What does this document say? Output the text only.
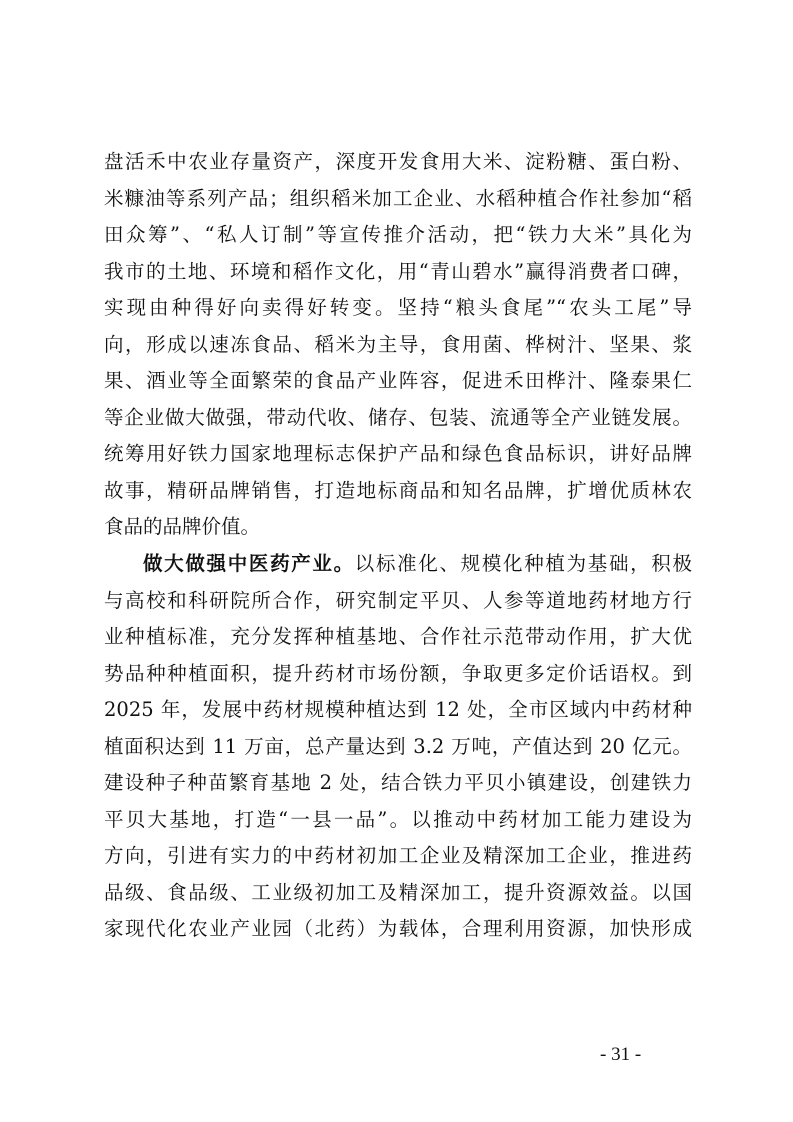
盘活禾中农业存量资产，深度开发食用大米、淀粉糖、蛋白粉、
米糠油等系列产品；组织稻米加工企业、水稻种植合作社参加“稻
田众筹”、“私人订制”等宣传推介活动，把“铁力大米”具化为
我市的土地、环境和稻作文化，用“青山碧水”赢得消费者口碑，
实现由种得好向卖得好转变。坚持“粮头食尾”“农头工尾”导
向，形成以速冻食品、稻米为主导，食用菌、桦树汁、坚果、浆
果、酒业等全面繁荣的食品产业阵容，促进禾田桦汁、隆泰果仁
等企业做大做强，带动代收、储存、包装、流通等全产业链发展。
统筹用好铁力国家地理标志保护产品和绿色食品标识，讲好品牌
故事，精研品牌销售，打造地标商品和知名品牌，扩增优质林农
食品的品牌价值。
做大做强中医药产业。以标准化、规模化种植为基础，积极
与高校和科研院所合作，研究制定平贝、人参等道地药材地方行
业种植标准，充分发挥种植基地、合作社示范带动作用，扩大优
势品种种植面积，提升药材市场份额，争取更多定价话语权。到
2025 年，发展中药材规模种植达到 12 处，全市区域内中药材种
植面积达到 11 万亩，总产量达到 3.2 万吨，产值达到 20 亿元。
建设种子种苗繁育基地 2 处，结合铁力平贝小镇建设，创建铁力
平贝大基地，打造“一县一品”。以推动中药材加工能力建设为
方向，引进有实力的中药材初加工企业及精深加工企业，推进药
品级、食品级、工业级初加工及精深加工，提升资源效益。以国
家现代化农业产业园（北药）为载体，合理利用资源，加快形成
- 31 -
